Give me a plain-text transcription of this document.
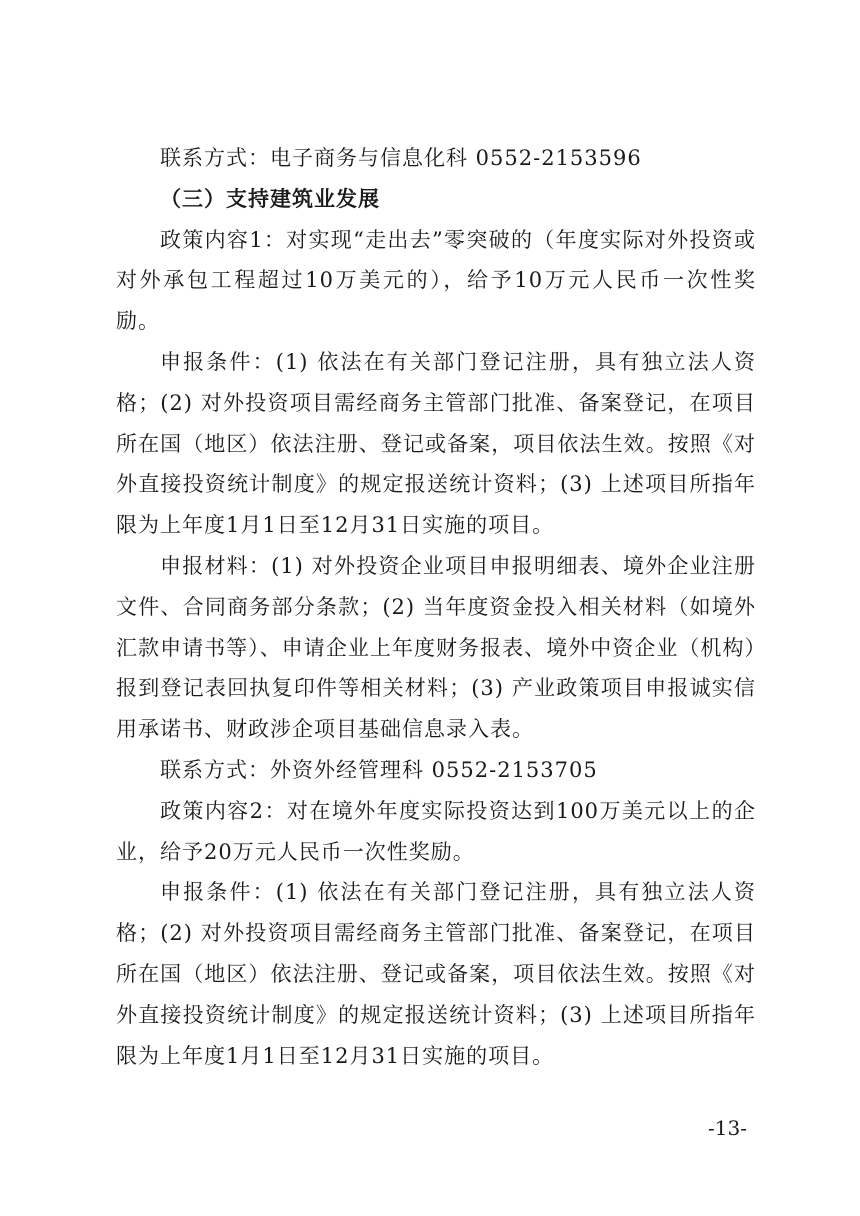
联系方式：电子商务与信息化科 0552-2153596

（三）支持建筑业发展

政策内容1：对实现“走出去”零突破的（年度实际对外投资或对外承包工程超过10万美元的），给予10万元人民币一次性奖励。

申报条件：(1) 依法在有关部门登记注册，具有独立法人资格；(2) 对外投资项目需经商务主管部门批准、备案登记，在项目所在国（地区）依法注册、登记或备案，项目依法生效。按照《对外直接投资统计制度》的规定报送统计资料；(3) 上述项目所指年限为上年度1月1日至12月31日实施的项目。

申报材料：(1) 对外投资企业项目申报明细表、境外企业注册文件、合同商务部分条款；(2) 当年度资金投入相关材料（如境外汇款申请书等）、申请企业上年度财务报表、境外中资企业（机构）报到登记表回执复印件等相关材料；(3) 产业政策项目申报诚实信用承诺书、财政涉企项目基础信息录入表。

联系方式：外资外经管理科 0552-2153705

政策内容2：对在境外年度实际投资达到100万美元以上的企业，给予20万元人民币一次性奖励。

申报条件：(1) 依法在有关部门登记注册，具有独立法人资格；(2) 对外投资项目需经商务主管部门批准、备案登记，在项目所在国（地区）依法注册、登记或备案，项目依法生效。按照《对外直接投资统计制度》的规定报送统计资料；(3) 上述项目所指年限为上年度1月1日至12月31日实施的项目。

-13-
